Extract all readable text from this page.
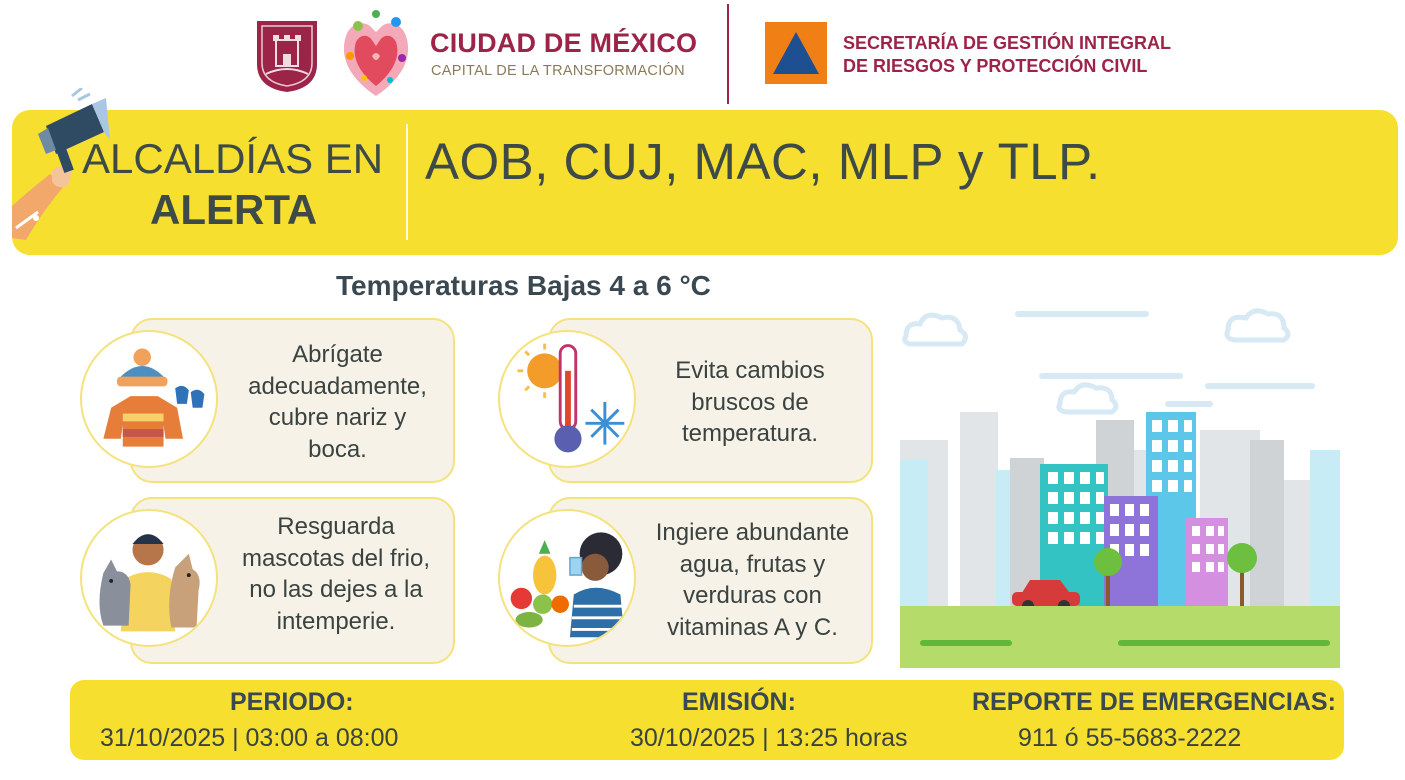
CIUDAD DE MÉXICO
CAPITAL DE LA TRANSFORMACIÓN
SECRETARÍA DE GESTIÓN INTEGRAL
DE RIESGOS Y PROTECCIÓN CIVIL
ALCALDÍAS EN
ALERTA
AOB, CUJ, MAC, MLP y TLP.
Temperaturas Bajas 4 a 6 °C
Abrígate
adecuadamente,
cubre nariz y
boca.
Evita cambios
bruscos de
temperatura.
Resguarda
mascotas del frio,
no las dejes a la
intemperie.
Ingiere abundante
agua, frutas y
verduras con
vitaminas A y C.
PERIODO:
31/10/2025 | 03:00 a 08:00
EMISIÓN:
30/10/2025 | 13:25 horas
REPORTE DE EMERGENCIAS:
911 ó 55-5683-2222
